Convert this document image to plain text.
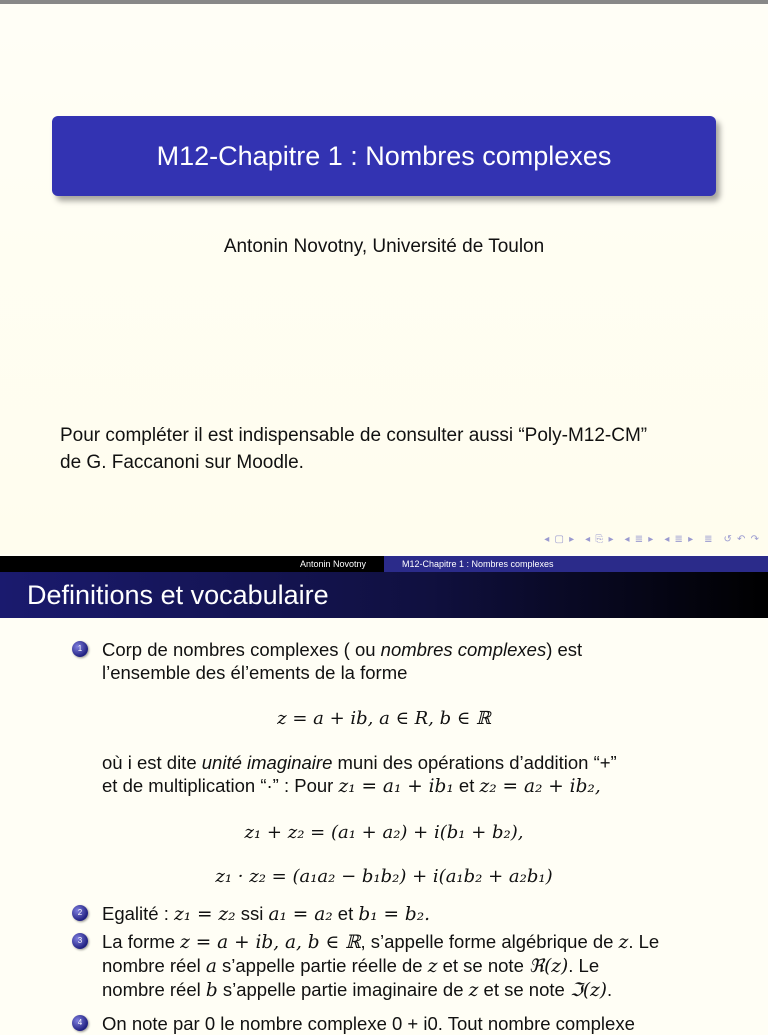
M12-Chapitre 1 : Nombres complexes
Antonin Novotny, Université de Toulon
Pour compléter il est indispensable de consulter aussi “Poly-M12-CM”
de G. Faccanoni sur Moodle.
◂ ▢ ▸ ◂ ⎘ ▸ ◂ ≣ ▸ ◂ ≣ ▸ ≣ ↺ ↶ ↷
Antonin Novotny	M12-Chapitre 1 : Nombres complexes
Definitions et vocabulaire
1	Corp de nombres complexes ( ou nombres complexes) est
l’ensemble des él’ements de la forme
z = a + ib, a ∈ R, b ∈ ℝ
où i est dite unité imaginaire muni des opérations d’addition “+”
et de multiplication “·” : Pour z₁ = a₁ + ib₁ et z₂ = a₂ + ib₂,
z₁ + z₂ = (a₁ + a₂) + i(b₁ + b₂),
z₁ · z₂ = (a₁a₂ − b₁b₂) + i(a₁b₂ + a₂b₁)
2	Egalité : z₁ = z₂ ssi a₁ = a₂ et b₁ = b₂.
3	La forme z = a + ib, a, b ∈ ℝ, s’appelle forme algébrique de z. Le
nombre réel a s’appelle partie réelle de z et se note ℜ(z). Le
nombre réel b s’appelle partie imaginaire de z et se note ℑ(z).
4	On note par 0 le nombre complexe 0 + i0. Tout nombre complexe
